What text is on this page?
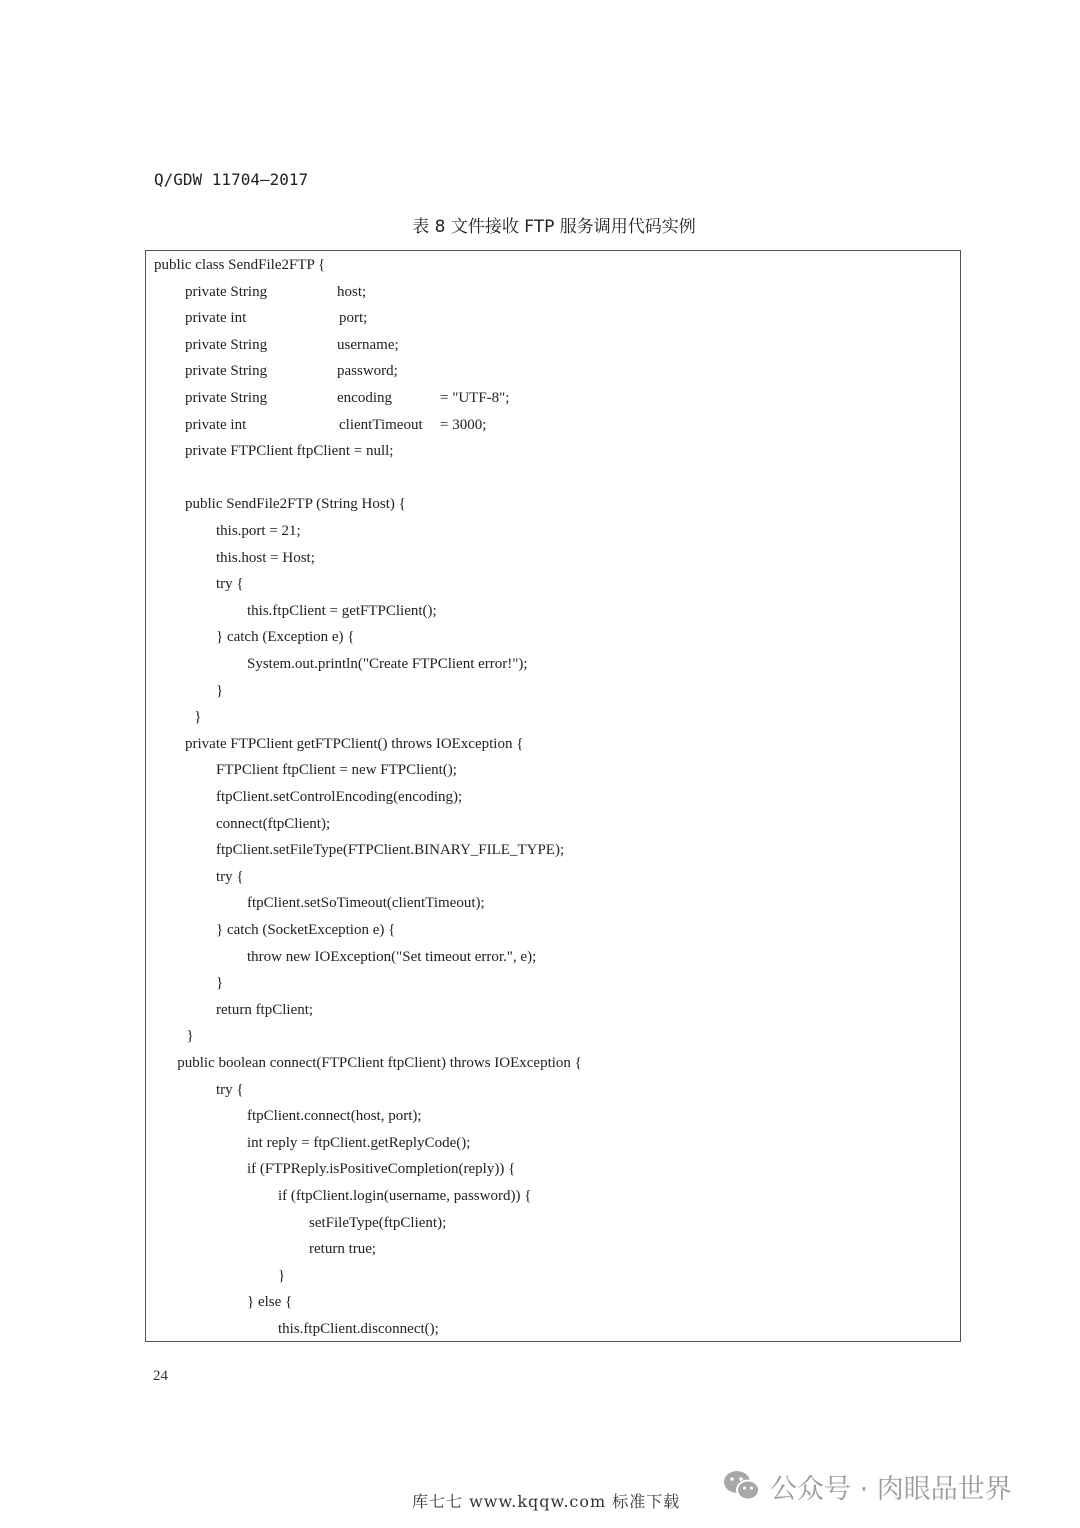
Q/GDW 11704—2017
表 8 文件接收 FTP 服务调用代码实例
public class SendFile2FTP {
private String	host;
private int	port;
private String	username;
private String	password;
private String	encoding	= "UTF-8";
private int	clientTimeout = 3000;
private FTPClient ftpClient = null;
public SendFile2FTP (String Host) {
this.port = 21;
this.host = Host;
try {
this.ftpClient = getFTPClient();
} catch (Exception e) {
System.out.println("Create FTPClient error!");
}
}
private FTPClient getFTPClient() throws IOException {
FTPClient ftpClient = new FTPClient();
ftpClient.setControlEncoding(encoding);
connect(ftpClient);
ftpClient.setFileType(FTPClient.BINARY_FILE_TYPE);
try {
ftpClient.setSoTimeout(clientTimeout);
} catch (SocketException e) {
throw new IOException("Set timeout error.", e);
}
return ftpClient;
}
public boolean connect(FTPClient ftpClient) throws IOException {
try {
ftpClient.connect(host, port);
int reply = ftpClient.getReplyCode();
if (FTPReply.isPositiveCompletion(reply)) {
if (ftpClient.login(username, password)) {
setFileType(ftpClient);
return true;
}
} else {
this.ftpClient.disconnect();
24
库七七 www.kqqw.com 标准下载	公众号 · 肉眼品世界
